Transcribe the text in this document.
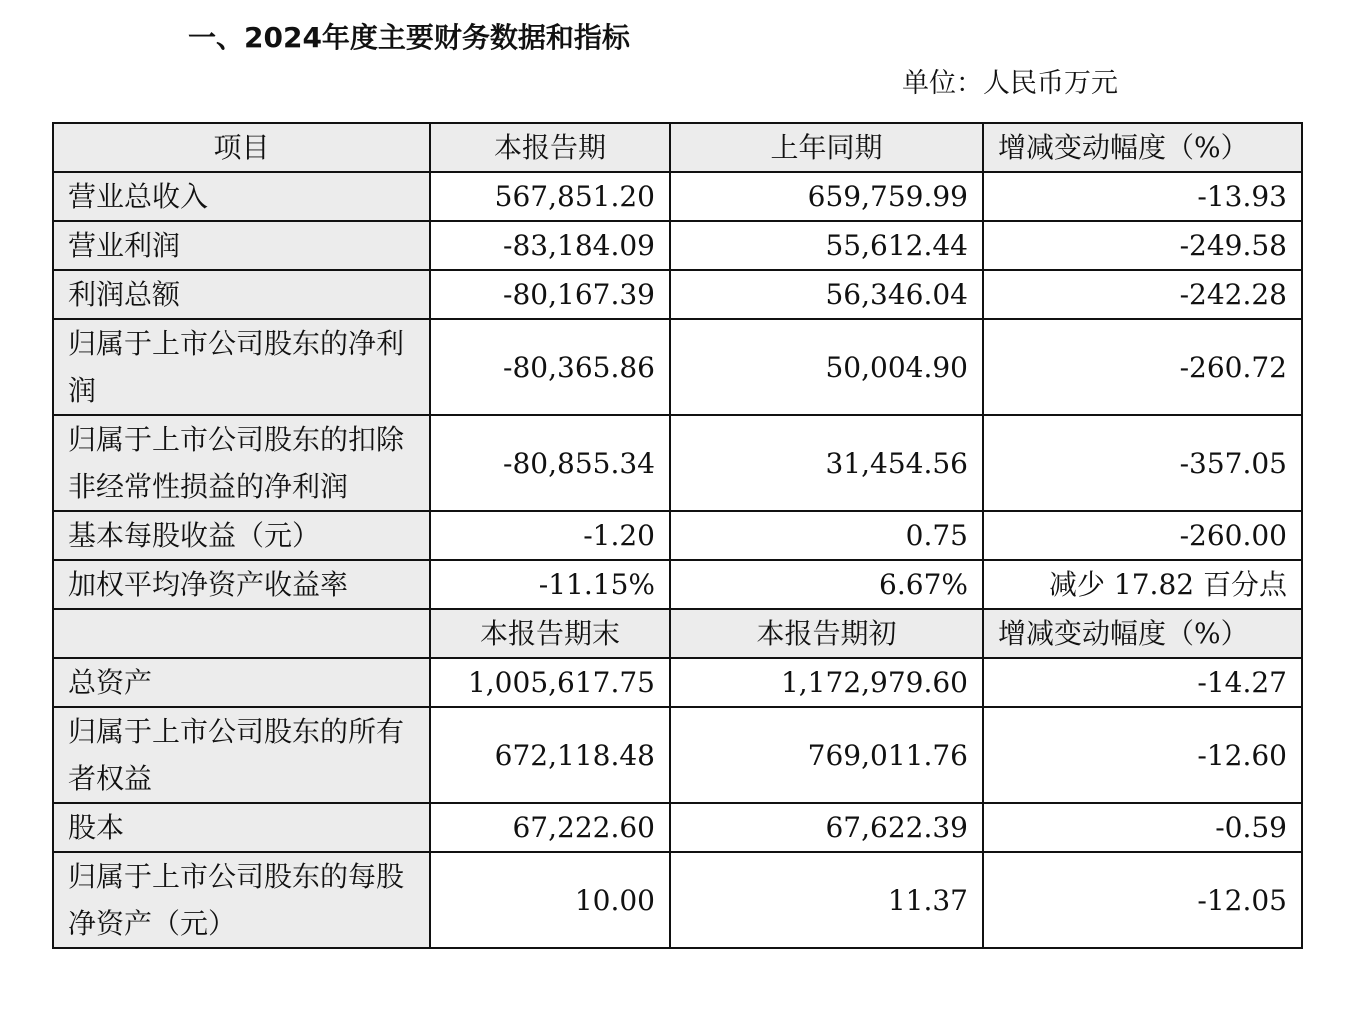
一、2024年度主要财务数据和指标
单位：人民币万元
项目	本报告期	上年同期	增减变动幅度（%）
营业总收入	567,851.20	659,759.99	-13.93
营业利润	-83,184.09	55,612.44	-249.58
利润总额	-80,167.39	56,346.04	-242.28
归属于上市公司股东的净利润	-80,365.86	50,004.90	-260.72
归属于上市公司股东的扣除非经常性损益的净利润	-80,855.34	31,454.56	-357.05
基本每股收益（元）	-1.20	0.75	-260.00
加权平均净资产收益率	-11.15%	6.67%	减少 17.82 百分点
	本报告期末	本报告期初	增减变动幅度（%）
总资产	1,005,617.75	1,172,979.60	-14.27
归属于上市公司股东的所有者权益	672,118.48	769,011.76	-12.60
股本	67,222.60	67,622.39	-0.59
归属于上市公司股东的每股净资产（元）	10.00	11.37	-12.05
